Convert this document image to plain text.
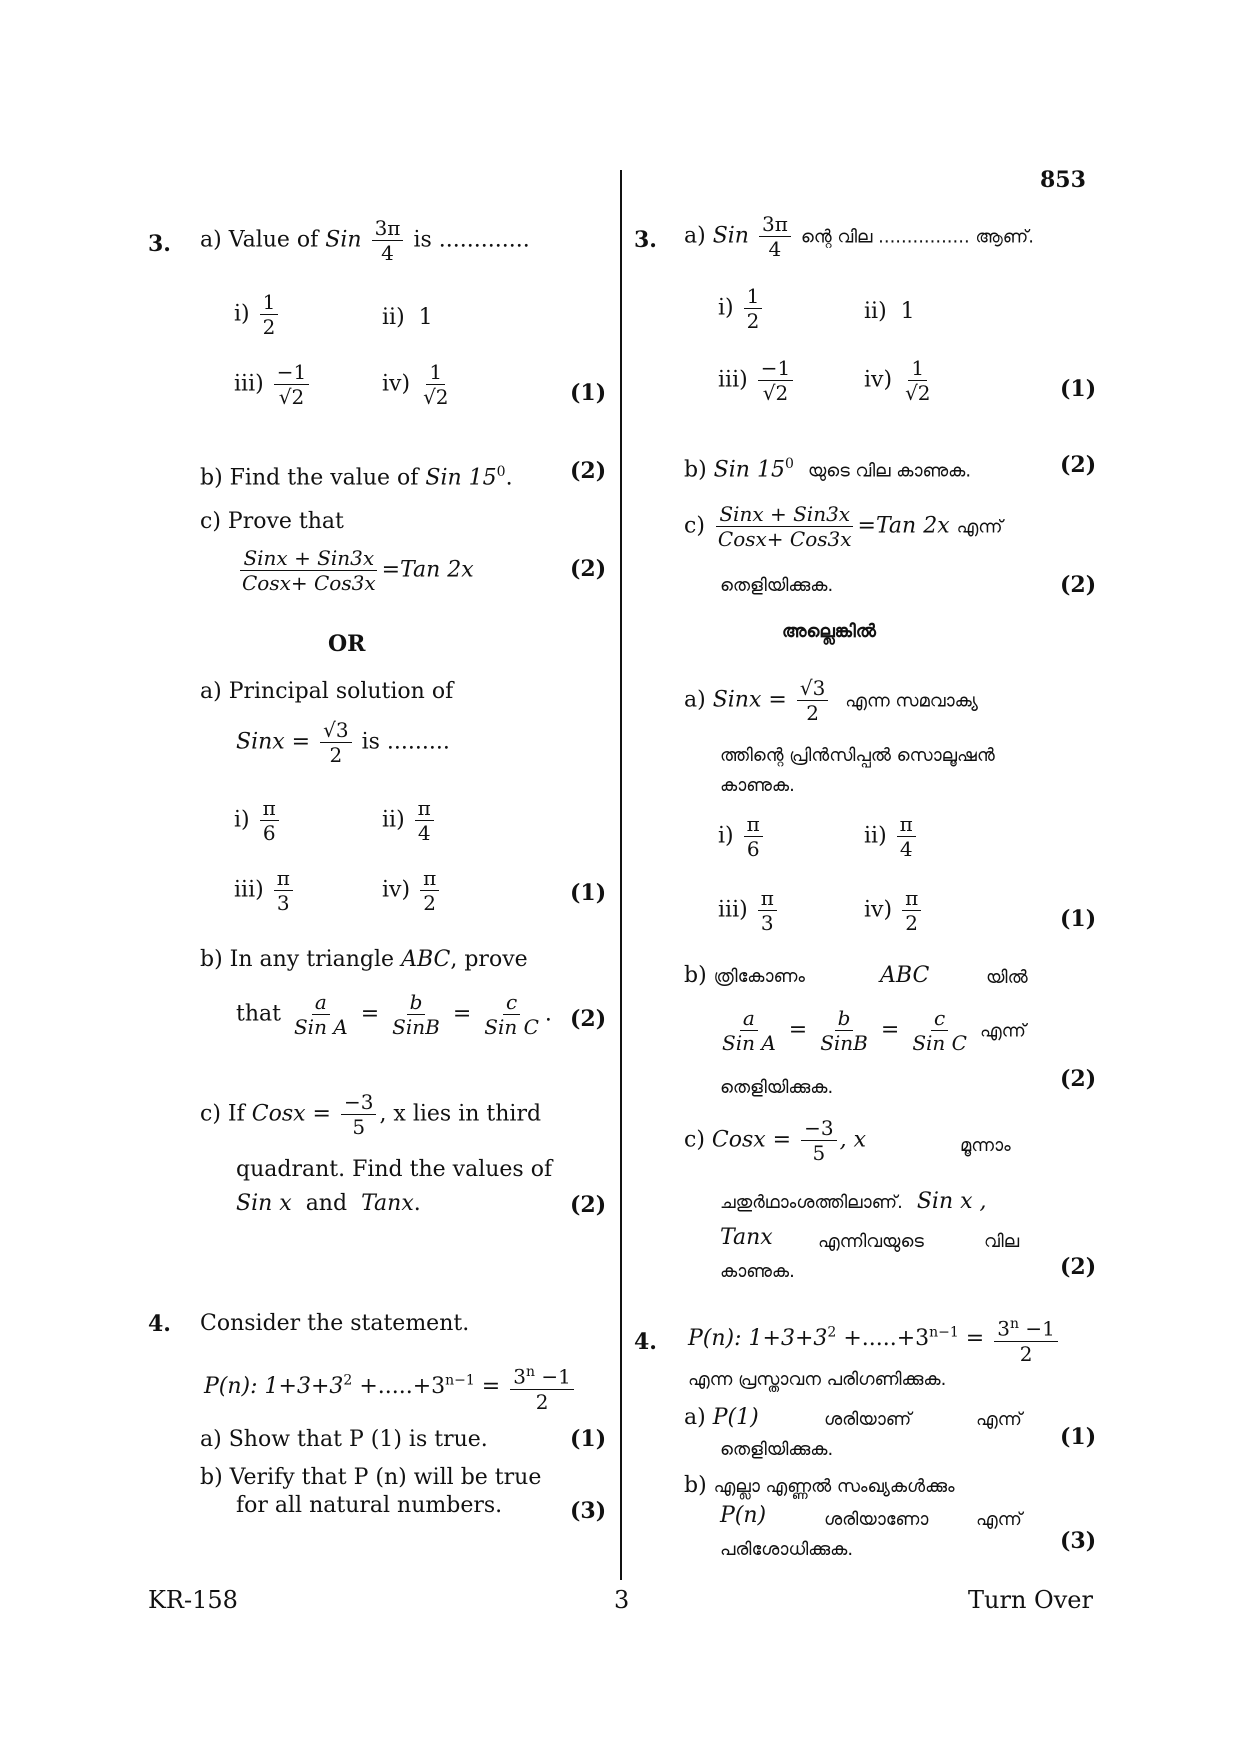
853
3. a) Value of Sin $\frac{3\pi}{4}$ is .............
$i) \frac{1}{2}$	ii) 1
$iii) \frac{-1}{√2}$	$iv) \frac{1}{√2}$	(1)
b) Find the value of Sin $15^0$.	(2)
c) Prove that
$\frac{\text{Sinx + Sin3x}}{\text{Cosx+ Cos3x}} =Tan$ 2x	(2)
OR
a) Principal solution of
Sinx = $\frac{√3}{2}$ is .........
$i) \frac{\pi}{6}$	$ii) \frac{\pi}{4}$
$iii) \frac{\pi}{3}$	$iv) \frac{\pi}{2}$	(1)
b) In any triangle ABC, prove
that $\frac{a}{\text{Sin A}} = \frac{b}{\text{SinB}} = \frac{c}{\text{Sin C}}$ . (2)
c) If Cosx = $\frac{-3}{5}$ , x lies in third
quadrant. Find the values of
Sin x and Tanx.	(2)
4. Consider the statement.
P(n): $1+3+3^2 +.....+3^{n-1} = \frac{3^n -1}{2}$
a) Show that P (1) is true.	(1)
b) Verify that P (n) will be true
for all natural numbers.	(3)
3. a) Sin $\frac{3\pi}{4}$ ന്റെ വില ................ ആണ്.
$i) \frac{1}{2}$	ii) 1
$iii) \frac{-1}{√2}$	$iv) \frac{1}{√2}$	(1)
b) Sin $15^0$ യുടെ വില കാണുക.	(2)
$c) \frac{\text{Sinx + Sin3x}}{\text{Cosx+ Cos3x}} =Tan$ 2x എന്ന്
തെളിയിക്കുക.	(2)
അല്ലെങ്കിൽ
a) Sinx = $\frac{√3}{2}$ എന്ന സമവാക്യ
ത്തിന്റെ പ്രിൻസിപ്പൽ സൊലൂഷൻ
കാണുക.
$i) \frac{\pi}{6}$	$ii) \frac{\pi}{4}$
$iii) \frac{\pi}{3}$	$iv) \frac{\pi}{2}$	(1)
b) ത്രികോണം	ABC	യിൽ
$\frac{a}{\text{Sin A}} = \frac{b}{\text{SinB}} = \frac{c}{\text{Sin C}}$ എന്ന്
തെളിയിക്കുക.	(2)
c) Cosx = $\frac{-3}{5}$ , x	മൂന്നാം
ചതുർഥാംശത്തിലാണ്. Sin x ,
Tanx	എന്നിവയുടെ	വില
കാണുക.	(2)
4. P(n): $1+3+3^2 +.....+3^{n-1} = \frac{3^n -1}{2}$
എന്ന പ്രസ്താവന പരിഗണിക്കുക.
a) P(1)	ശരിയാണ്	എന്ന്
തെളിയിക്കുക.	(1)
b) എല്ലാ എണ്ണൽ സംഖ്യകൾക്കും
P(n)	ശരിയാണോ	എന്ന്
പരിശോധിക്കുക.	(3)
KR-158	3	Turn Over
